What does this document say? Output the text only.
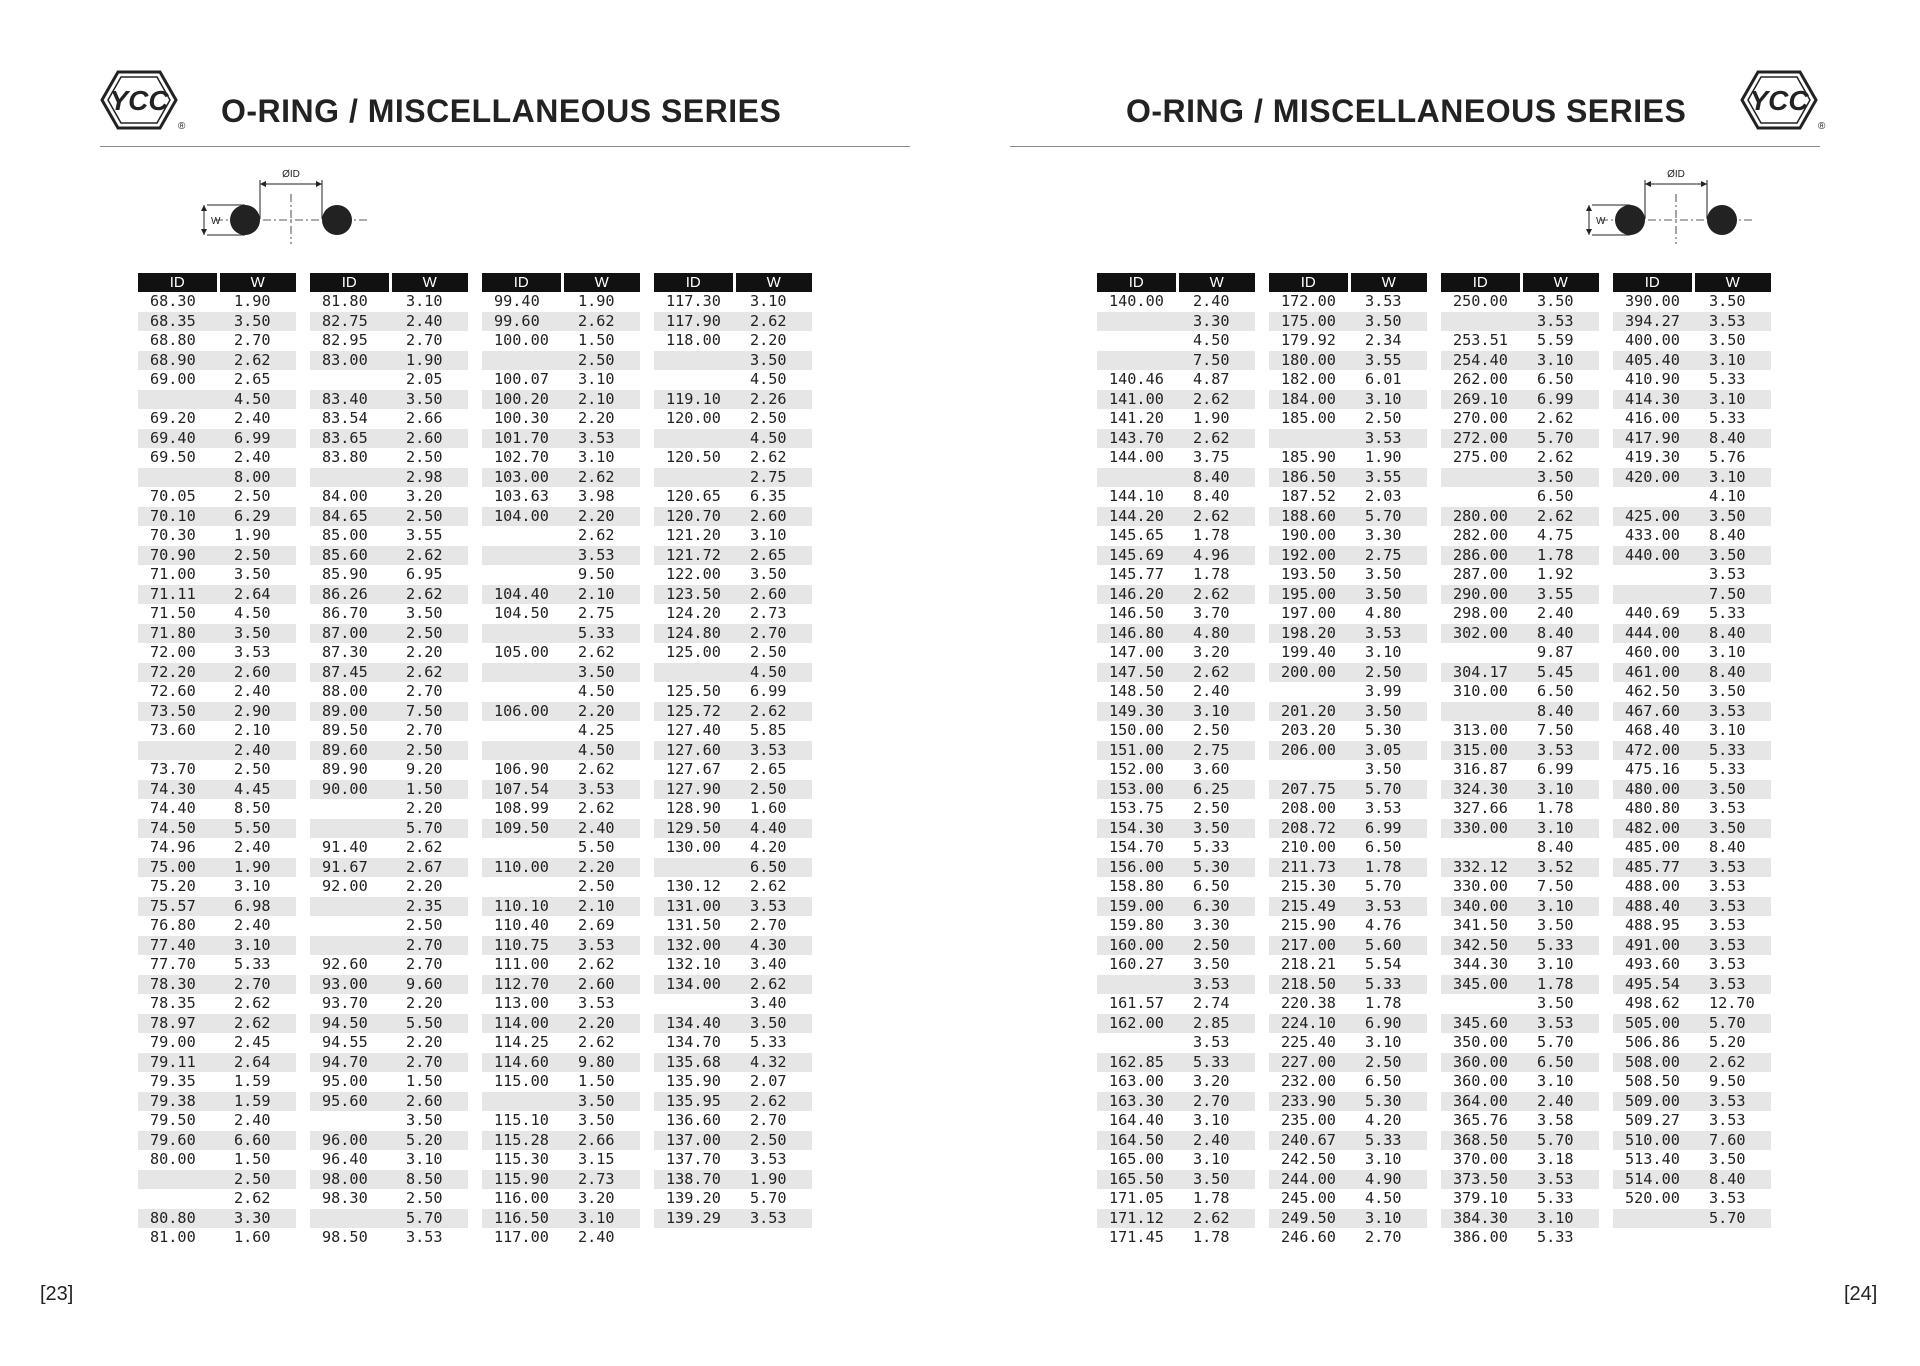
YCC
® O-RING / MISCELLANEOUS SERIES
ØID
W
ID	W
68.30	1.90
68.35	3.50
68.80	2.70
68.90	2.62
69.00	2.65
	4.50
69.20	2.40
69.40	6.99
69.50	2.40
	8.00
70.05	2.50
70.10	6.29
70.30	1.90
70.90	2.50
71.00	3.50
71.11	2.64
71.50	4.50
71.80	3.50
72.00	3.53
72.20	2.60
72.60	2.40
73.50	2.90
73.60	2.10
	2.40
73.70	2.50
74.30	4.45
74.40	8.50
74.50	5.50
74.96	2.40
75.00	1.90
75.20	3.10
75.57	6.98
76.80	2.40
77.40	3.10
77.70	5.33
78.30	2.70
78.35	2.62
78.97	2.62
79.00	2.45
79.11	2.64
79.35	1.59
79.38	1.59
79.50	2.40
79.60	6.60
80.00	1.50
	2.50
	2.62
80.80	3.30
81.00	1.60
ID	W
81.80	3.10
82.75	2.40
82.95	2.70
83.00	1.90
	2.05
83.40	3.50
83.54	2.66
83.65	2.60
83.80	2.50
	2.98
84.00	3.20
84.65	2.50
85.00	3.55
85.60	2.62
85.90	6.95
86.26	2.62
86.70	3.50
87.00	2.50
87.30	2.20
87.45	2.62
88.00	2.70
89.00	7.50
89.50	2.70
89.60	2.50
89.90	9.20
90.00	1.50
	2.20
	5.70
91.40	2.62
91.67	2.67
92.00	2.20
	2.35
	2.50
	2.70
92.60	2.70
93.00	9.60
93.70	2.20
94.50	5.50
94.55	2.20
94.70	2.70
95.00	1.50
95.60	2.60
	3.50
96.00	5.20
96.40	3.10
98.00	8.50
98.30	2.50
	5.70
98.50	3.53
ID	W
99.40	1.90
99.60	2.62
100.00	1.50
	2.50
100.07	3.10
100.20	2.10
100.30	2.20
101.70	3.53
102.70	3.10
103.00	2.62
103.63	3.98
104.00	2.20
	2.62
	3.53
	9.50
104.40	2.10
104.50	2.75
	5.33
105.00	2.62
	3.50
	4.50
106.00	2.20
	4.25
	4.50
106.90	2.62
107.54	3.53
108.99	2.62
109.50	2.40
	5.50
110.00	2.20
	2.50
110.10	2.10
110.40	2.69
110.75	3.53
111.00	2.62
112.70	2.60
113.00	3.53
114.00	2.20
114.25	2.62
114.60	9.80
115.00	1.50
	3.50
115.10	3.50
115.28	2.66
115.30	3.15
115.90	2.73
116.00	3.20
116.50	3.10
117.00	2.40
ID	W
117.30	3.10
117.90	2.62
118.00	2.20
	3.50
	4.50
119.10	2.26
120.00	2.50
	4.50
120.50	2.62
	2.75
120.65	6.35
120.70	2.60
121.20	3.10
121.72	2.65
122.00	3.50
123.50	2.60
124.20	2.73
124.80	2.70
125.00	2.50
	4.50
125.50	6.99
125.72	2.62
127.40	5.85
127.60	3.53
127.67	2.65
127.90	2.50
128.90	1.60
129.50	4.40
130.00	4.20
	6.50
130.12	2.62
131.00	3.53
131.50	2.70
132.00	4.30
132.10	3.40
134.00	2.62
	3.40
134.40	3.50
134.70	5.33
135.68	4.32
135.90	2.07
135.95	2.62
136.60	2.70
137.00	2.50
137.70	3.53
138.70	1.90
139.20	5.70
139.29	3.53
[23]
O-RING / MISCELLANEOUS SERIES YCC
®
ØID
W
ID	W
140.00	2.40
	3.30
	4.50
	7.50
140.46	4.87
141.00	2.62
141.20	1.90
143.70	2.62
144.00	3.75
	8.40
144.10	8.40
144.20	2.62
145.65	1.78
145.69	4.96
145.77	1.78
146.20	2.62
146.50	3.70
146.80	4.80
147.00	3.20
147.50	2.62
148.50	2.40
149.30	3.10
150.00	2.50
151.00	2.75
152.00	3.60
153.00	6.25
153.75	2.50
154.30	3.50
154.70	5.33
156.00	5.30
158.80	6.50
159.00	6.30
159.80	3.30
160.00	2.50
160.27	3.50
	3.53
161.57	2.74
162.00	2.85
	3.53
162.85	5.33
163.00	3.20
163.30	2.70
164.40	3.10
164.50	2.40
165.00	3.10
165.50	3.50
171.05	1.78
171.12	2.62
171.45	1.78
ID	W
172.00	3.53
175.00	3.50
179.92	2.34
180.00	3.55
182.00	6.01
184.00	3.10
185.00	2.50
	3.53
185.90	1.90
186.50	3.55
187.52	2.03
188.60	5.70
190.00	3.30
192.00	2.75
193.50	3.50
195.00	3.50
197.00	4.80
198.20	3.53
199.40	3.10
200.00	2.50
	3.99
201.20	3.50
203.20	5.30
206.00	3.05
	3.50
207.75	5.70
208.00	3.53
208.72	6.99
210.00	6.50
211.73	1.78
215.30	5.70
215.49	3.53
215.90	4.76
217.00	5.60
218.21	5.54
218.50	5.33
220.38	1.78
224.10	6.90
225.40	3.10
227.00	2.50
232.00	6.50
233.90	5.30
235.00	4.20
240.67	5.33
242.50	3.10
244.00	4.90
245.00	4.50
249.50	3.10
246.60	2.70
ID	W
250.00	3.50
	3.53
253.51	5.59
254.40	3.10
262.00	6.50
269.10	6.99
270.00	2.62
272.00	5.70
275.00	2.62
	3.50
	6.50
280.00	2.62
282.00	4.75
286.00	1.78
287.00	1.92
290.00	3.55
298.00	2.40
302.00	8.40
	9.87
304.17	5.45
310.00	6.50
	8.40
313.00	7.50
315.00	3.53
316.87	6.99
324.30	3.10
327.66	1.78
330.00	3.10
	8.40
332.12	3.52
330.00	7.50
340.00	3.10
341.50	3.50
342.50	5.33
344.30	3.10
345.00	1.78
	3.50
345.60	3.53
350.00	5.70
360.00	6.50
360.00	3.10
364.00	2.40
365.76	3.58
368.50	5.70
370.00	3.18
373.50	3.53
379.10	5.33
384.30	3.10
386.00	5.33
ID	W
390.00	3.50
394.27	3.53
400.00	3.50
405.40	3.10
410.90	5.33
414.30	3.10
416.00	5.33
417.90	8.40
419.30	5.76
420.00	3.10
	4.10
425.00	3.50
433.00	8.40
440.00	3.50
	3.53
	7.50
440.69	5.33
444.00	8.40
460.00	3.10
461.00	8.40
462.50	3.50
467.60	3.53
468.40	3.10
472.00	5.33
475.16	5.33
480.00	3.50
480.80	3.53
482.00	3.50
485.00	8.40
485.77	3.53
488.00	3.53
488.40	3.53
488.95	3.53
491.00	3.53
493.60	3.53
495.54	3.53
498.62	12.70
505.00	5.70
506.86	5.20
508.00	2.62
508.50	9.50
509.00	3.53
509.27	3.53
510.00	7.60
513.40	3.50
514.00	8.40
520.00	3.53
	5.70
[24]
